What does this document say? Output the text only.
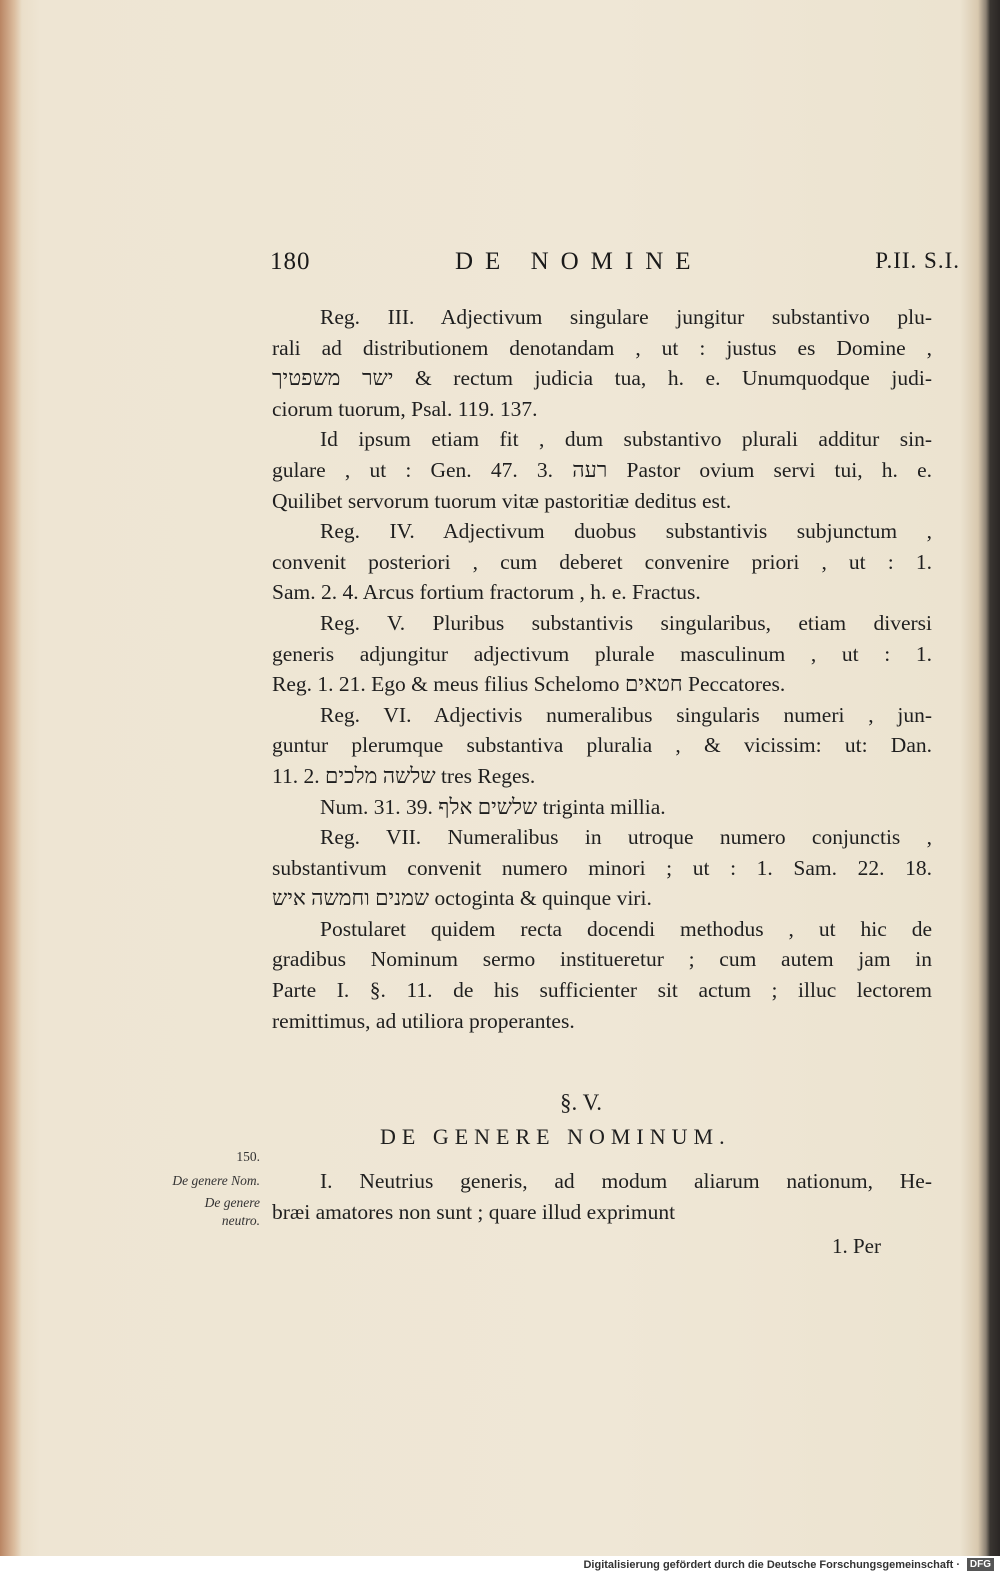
180	DE NOMINE	P.II. S.I.

Reg. III. Adjectivum singulare jungitur substantivo plu-
rali ad distributionem denotandam , ut : justus es Domine ,
ישר משפטיך & rectum judicia tua, h. e. Unumquodque judi-
ciorum tuorum, Psal. 119. 137.

Id ipsum etiam fit , dum substantivo plurali additur sin-
gulare , ut : Gen. 47. 3. רעה Pastor ovium servi tui, h. e.
Quilibet servorum tuorum vitæ pastoritiæ deditus est.

Reg. IV. Adjectivum duobus substantivis subjunctum ,
convenit posteriori , cum deberet convenire priori , ut : 1.
Sam. 2. 4. Arcus fortium fractorum , h. e. Fractus.

Reg. V. Pluribus substantivis singularibus, etiam diversi
generis adjungitur adjectivum plurale masculinum , ut : 1.
Reg. 1. 21. Ego & meus filius Schelomo חטאים Peccatores.

Reg. VI. Adjectivis numeralibus singularis numeri , jun-
guntur plerumque substantiva pluralia , & vicissim: ut: Dan.
11. 2. שלשה מלכים tres Reges.

Num. 31. 39. שלשים אלף triginta millia.

Reg. VII. Numeralibus in utroque numero conjunctis ,
substantivum convenit numero minori ; ut : 1. Sam. 22. 18.
שמנים וחמשה איש octoginta & quinque viri.

Postularet quidem recta docendi methodus , ut hic de
gradibus Nominum sermo institueretur ; cum autem jam in
Parte I. §. 11. de his sufficienter sit actum ; illuc lectorem
remittimus, ad utiliora properantes.

§. V.
DE GENERE NOMINUM.
I. Neutrius generis, ad modum aliarum nationum, He-
bræi amatores non sunt ; quare illud exprimunt
1. Per
150.
De genere Nom.
De genere neutro.
Digitalisierung gefördert durch die Deutsche Forschungsgemeinschaft · DFG
